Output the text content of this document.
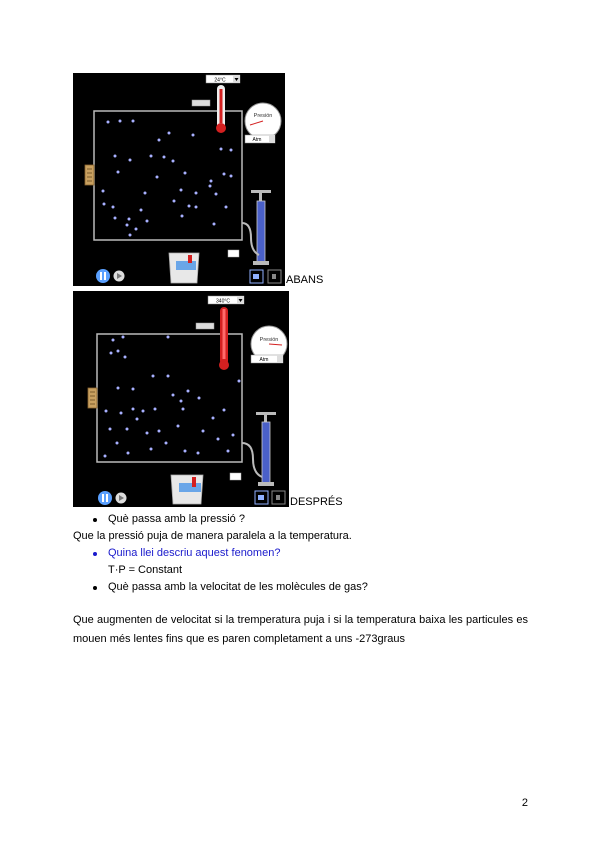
24°C
Presión
Atm
ABANS
340°C
Presión
Atm
DESPRÉS
Què passa amb la pressió ?
Que la pressió puja de manera paralela a la temperatura.
Quina llei descriu aquest fenomen?
T·P = Constant
Què passa amb la velocitat de les molècules de gas?
Que augmenten de velocitat si la tremperatura puja i si la temperatura baixa les particules es mouen més lentes fins que es paren completament a uns -273graus
2
